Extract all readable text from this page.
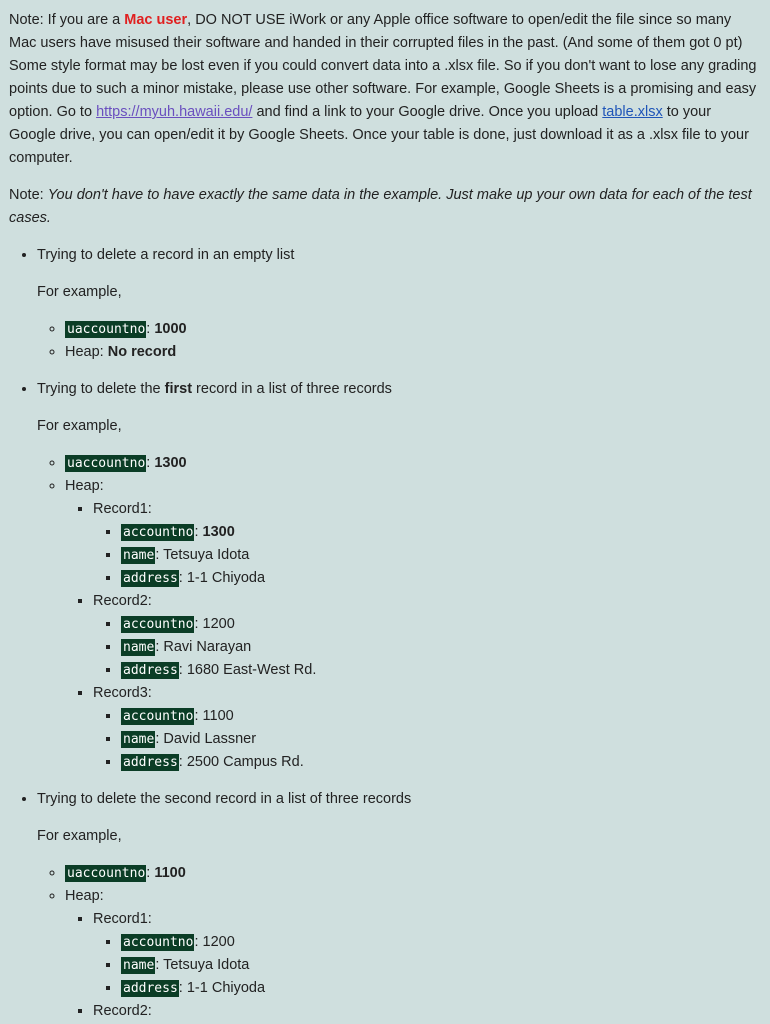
Note: If you are a Mac user, DO NOT USE iWork or any Apple office software to open/edit the file since so many Mac users have misused their software and handed in their corrupted files in the past. (And some of them got 0 pt) Some style format may be lost even if you could convert data into a .xlsx file. So if you don't want to lose any grading points due to such a minor mistake, please use other software. For example, Google Sheets is a promising and easy option. Go to https://myuh.hawaii.edu/ and find a link to your Google drive. Once you upload table.xlsx to your Google drive, you can open/edit it by Google Sheets. Once your table is done, just download it as a .xlsx file to your computer.

Note: You don't have to have exactly the same data in the example. Just make up your own data for each of the test cases.

• Trying to delete a record in an empty list

For example,

◦ uaccountno: 1000
◦ Heap: No record
• Trying to delete the first record in a list of three records

For example,

◦ uaccountno: 1300
◦ Heap:
▪ Record1:
▪ accountno: 1300
▪ name: Tetsuya Idota
▪ address: 1-1 Chiyoda
▪ Record2:
▪ accountno: 1200
▪ name: Ravi Narayan
▪ address: 1680 East-West Rd.
▪ Record3:
▪ accountno: 1100
▪ name: David Lassner
▪ address: 2500 Campus Rd.
• Trying to delete the second record in a list of three records

For example,

◦ uaccountno: 1100
◦ Heap:
▪ Record1:
▪ accountno: 1200
▪ name: Tetsuya Idota
▪ address: 1-1 Chiyoda
▪ Record2:
